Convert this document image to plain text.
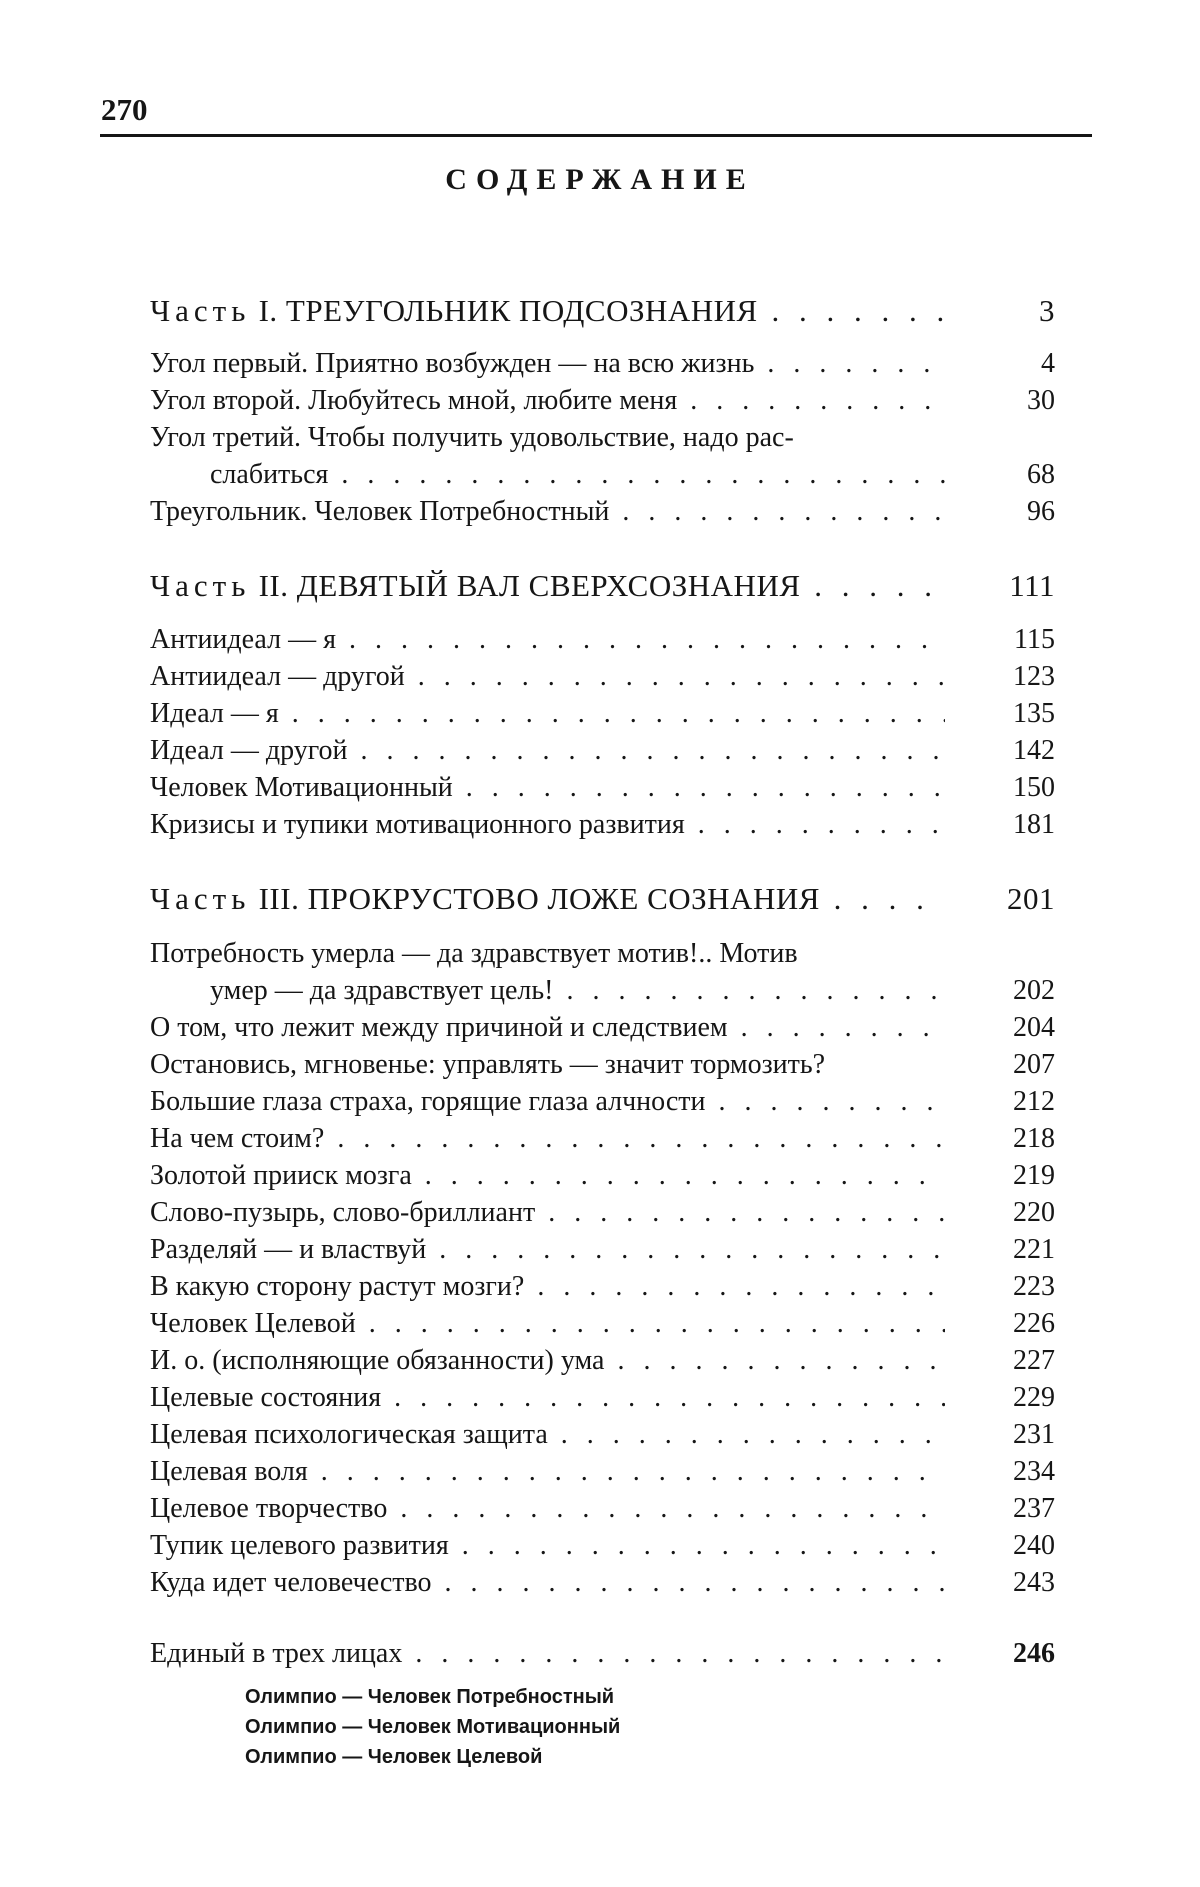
270
СОДЕРЖАНИЕ
Часть I. ТРЕУГОЛЬНИК ПОДСОЗНАНИЯ . . .	3
Угол первый. Приятно возбужден — на всю жизнь . . .	4
Угол второй. Любуйтесь мной, любите меня . . .	30
Угол третий. Чтобы получить удовольствие, надо рас-
слабиться . . .	68
Треугольник. Человек Потребностный . . .	96
Часть II. ДЕВЯТЫЙ ВАЛ СВЕРХСОЗНАНИЯ . . .	111
Антиидеал — я . . .	115
Антиидеал — другой . . .	123
Идеал — я . . .	135
Идеал — другой . . .	142
Человек Мотивационный . . .	150
Кризисы и тупики мотивационного развития . . .	181
Часть III. ПРОКРУСТОВО ЛОЖЕ СОЗНАНИЯ . . .	201
Потребность умерла — да здравствует мотив!.. Мотив
умер — да здравствует цель! . . .	202
О том, что лежит между причиной и следствием . . .	204
Остановись, мгновенье: управлять — значит тормозить?	207
Большие глаза страха, горящие глаза алчности . . .	212
На чем стоим? . . .	218
Золотой прииск мозга . . .	219
Слово-пузырь, слово-бриллиант . . .	220
Разделяй — и властвуй . . .	221
В какую сторону растут мозги? . . .	223
Человек Целевой . . .	226
И. о. (исполняющие обязанности) ума . . .	227
Целевые состояния . . .	229
Целевая психологическая защита . . .	231
Целевая воля . . .	234
Целевое творчество . . .	237
Тупик целевого развития . . .	240
Куда идет человечество . . .	243
Единый в трех лицах . . .	246
Олимпио — Человек Потребностный
Олимпио — Человек Мотивационный
Олимпио — Человек Целевой
